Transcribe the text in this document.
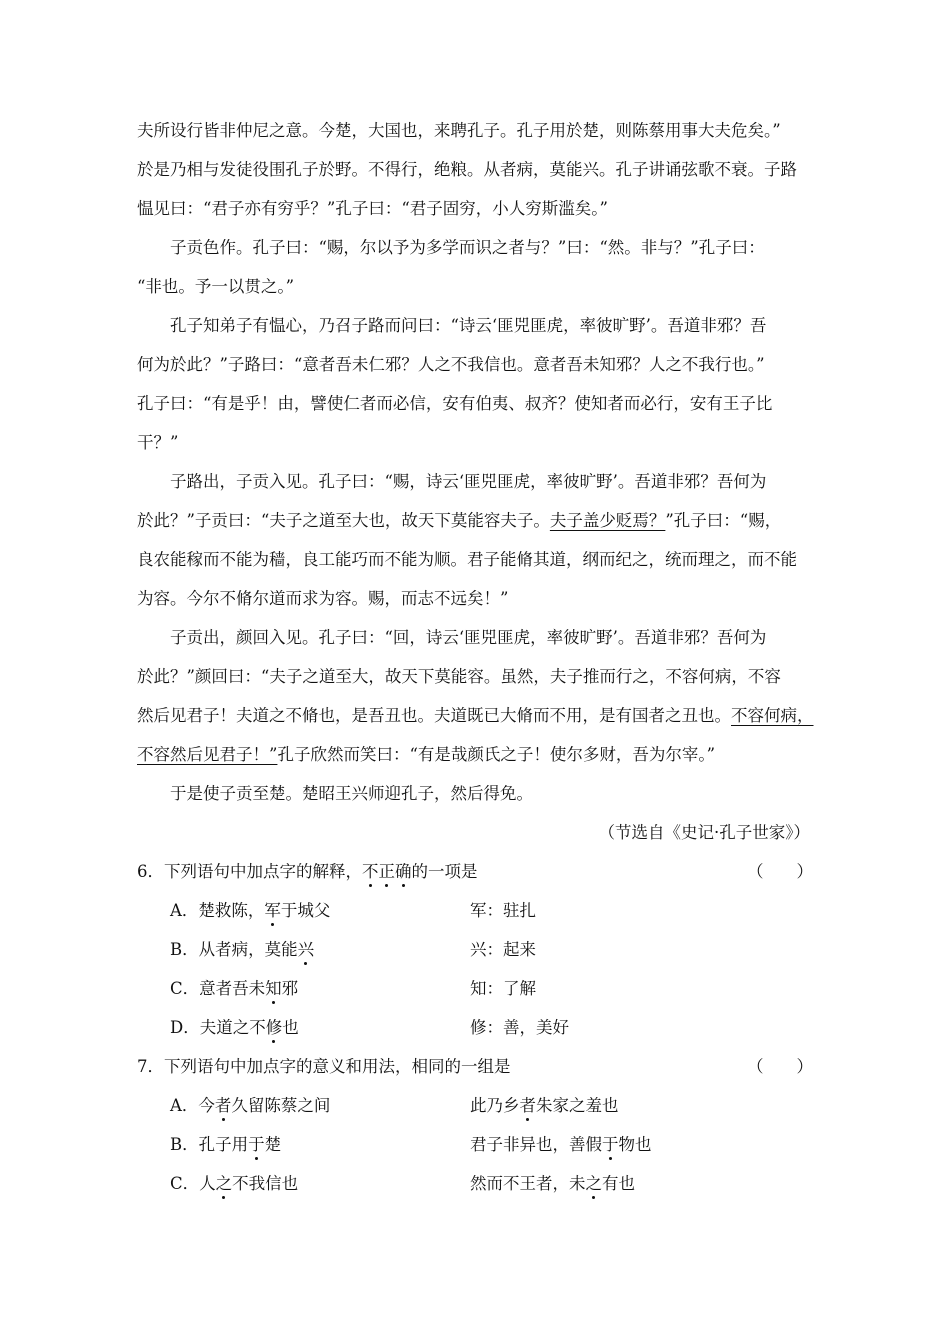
夫所设行皆非仲尼之意。今楚，大国也，来聘孔子。孔子用於楚，则陈蔡用事大夫危矣。”
於是乃相与发徒役围孔子於野。不得行，绝粮。从者病，莫能兴。孔子讲诵弦歌不衰。子路
愠见曰：“君子亦有穷乎？”孔子曰：“君子固穷，小人穷斯滥矣。”
子贡色作。孔子曰：“赐，尔以予为多学而识之者与？”曰：“然。非与？”孔子曰：
“非也。予一以贯之。”
孔子知弟子有愠心，乃召子路而问曰：“诗云‘匪兕匪虎，率彼旷野’。吾道非邪？吾
何为於此？”子路曰：“意者吾未仁邪？人之不我信也。意者吾未知邪？人之不我行也。”
孔子曰：“有是乎！由，譬使仁者而必信，安有伯夷、叔齐？使知者而必行，安有王子比
干？”
子路出，子贡入见。孔子曰：“赐，诗云‘匪兕匪虎，率彼旷野’。吾道非邪？吾何为
於此？”子贡曰：“夫子之道至大也，故天下莫能容夫子。夫子盖少贬焉？”孔子曰：“赐，
良农能稼而不能为穑，良工能巧而不能为顺。君子能脩其道，纲而纪之，统而理之，而不能
为容。今尔不脩尔道而求为容。赐，而志不远矣！”
子贡出，颜回入见。孔子曰：“回，诗云‘匪兕匪虎，率彼旷野’。吾道非邪？吾何为
於此？”颜回曰：“夫子之道至大，故天下莫能容。虽然，夫子推而行之，不容何病，不容
然后见君子！夫道之不脩也，是吾丑也。夫道既已大脩而不用，是有国者之丑也。不容何病，
不容然后见君子！”孔子欣然而笑曰：“有是哉颜氏之子！使尔多财，吾为尔宰。”
于是使子贡至楚。楚昭王兴师迎孔子，然后得免。
（节选自《史记·孔子世家》）
6．下列语句中加点字的解释，不正确的一项是	（　　）
A．楚救陈，军于城父	军：驻扎
B．从者病，莫能兴	兴：起来
C．意者吾未知邪	知：了解
D．夫道之不修也	修：善，美好
7．下列语句中加点字的意义和用法，相同的一组是	（　　）
A．今者久留陈蔡之间	此乃乡者朱家之羞也
B．孔子用于楚	君子非异也，善假于物也
C．人之不我信也	然而不王者，未之有也
